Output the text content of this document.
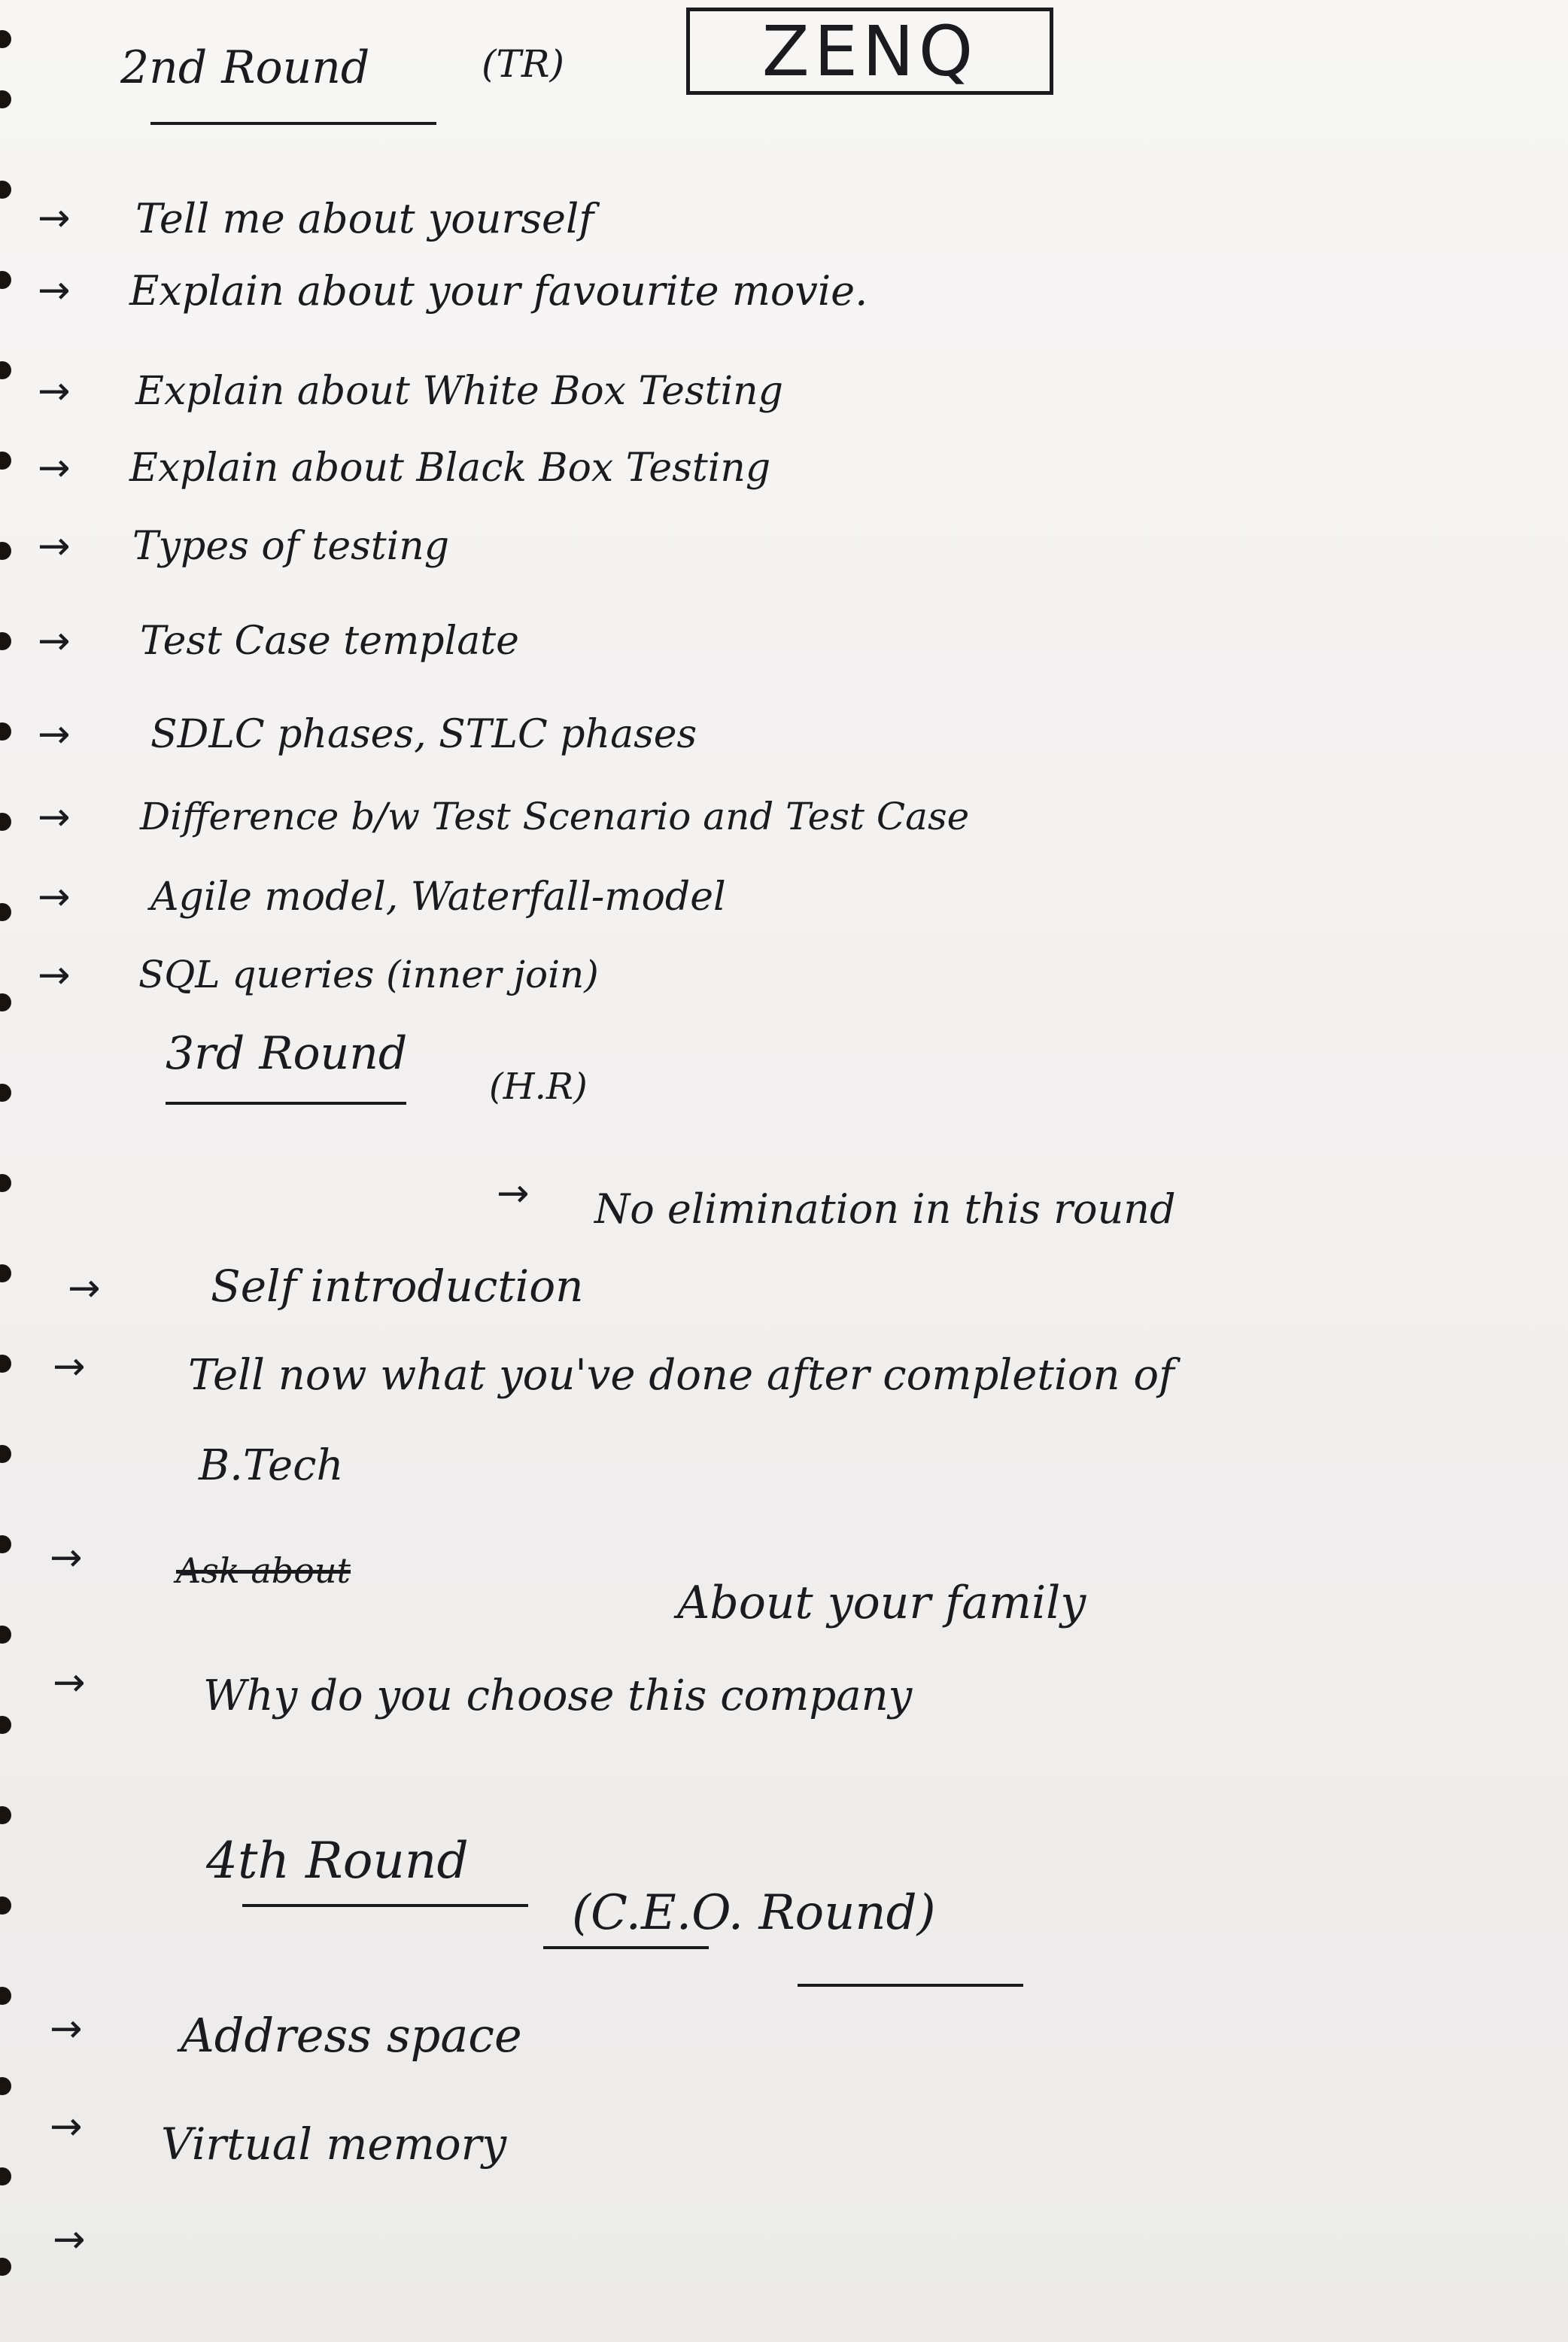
2nd Round	(TR)	ZENQ
→ Tell me about yourself
→ Explain about your favourite movie.
→ Explain about White Box Testing
→ Explain about Black Box Testing
→ Types of testing
→ Test Case template
→ SDLC phases, STLC phases
→ Difference b/w Test Scenario and Test Case
→ Agile model, Waterfall-model
→ SQL queries (inner join)
3rd Round
(H.R)
→ No elimination in this round
→	Self introduction
→ Tell now what you've done after completion of
B.Tech
→	Ask about
About your family
→	Why do you choose this company
4th Round
(C.E.O. Round)
→ Address space
→ Virtual memory
→
